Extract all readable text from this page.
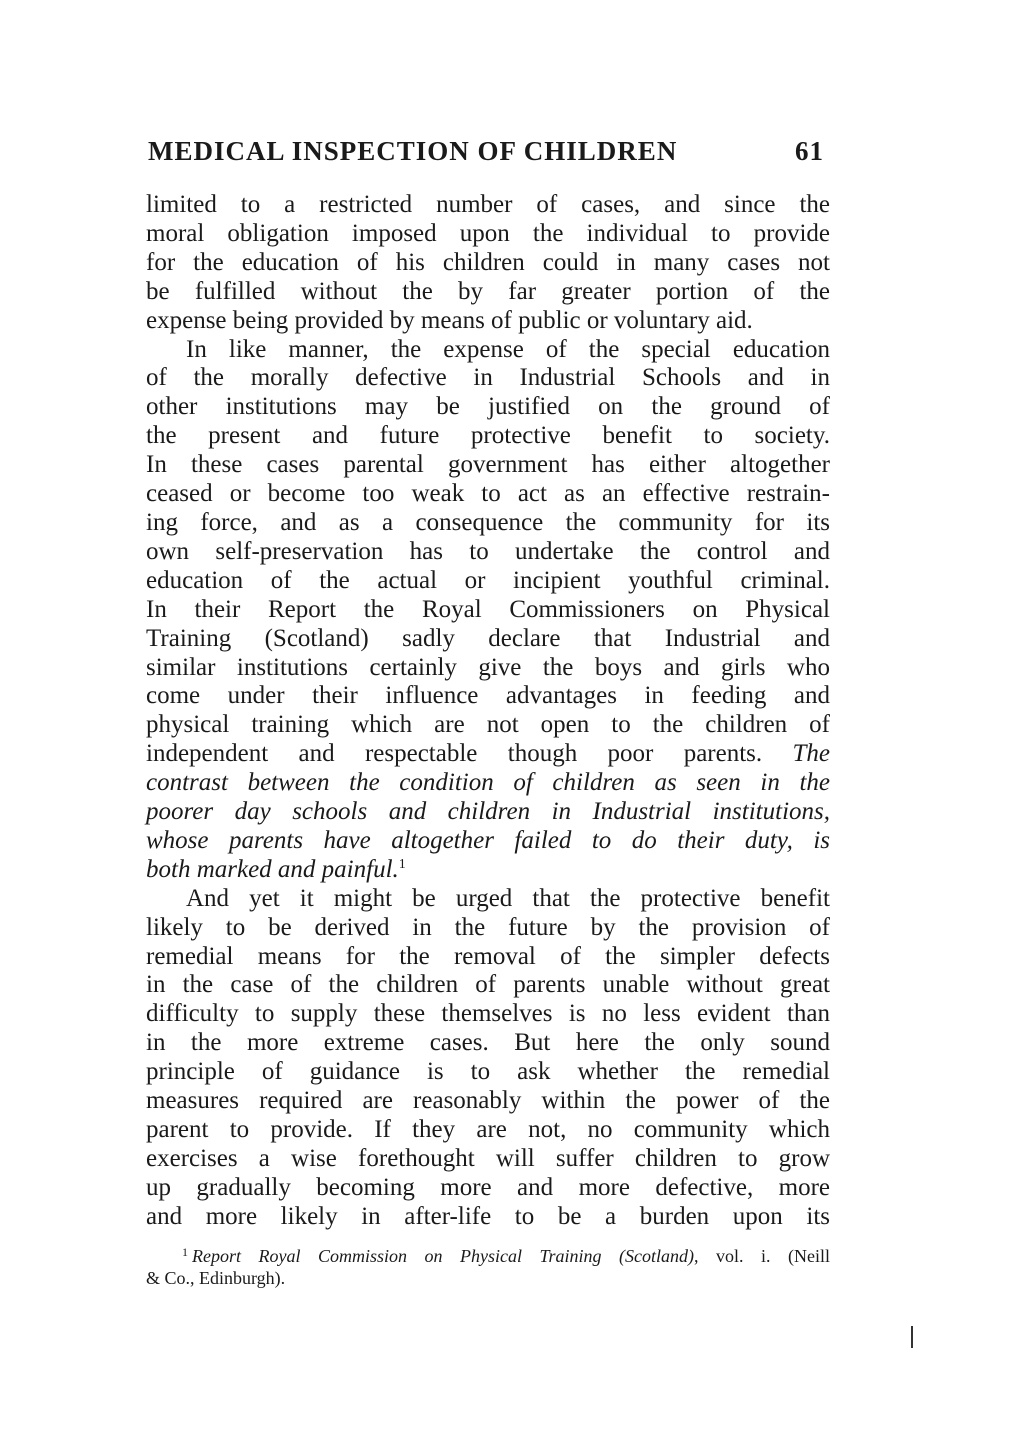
MEDICAL INSPECTION OF CHILDREN	61
limited to a restricted number of cases, and since the
moral obligation imposed upon the individual to provide
for the education of his children could in many cases not
be fulfilled without the by far greater portion of the
expense being provided by means of public or voluntary aid.
In like manner, the expense of the special education
of the morally defective in Industrial Schools and in
other institutions may be justified on the ground of
the present and future protective benefit to society.
In these cases parental government has either altogether
ceased or become too weak to act as an effective restrain-
ing force, and as a consequence the community for its
own self-preservation has to undertake the control and
education of the actual or incipient youthful criminal.
In their Report the Royal Commissioners on Physical
Training (Scotland) sadly declare that Industrial and
similar institutions certainly give the boys and girls who
come under their influence advantages in feeding and
physical training which are not open to the children of
independent and respectable though poor parents. The
contrast between the condition of children as seen in the
poorer day schools and children in Industrial institutions,
whose parents have altogether failed to do their duty, is
both marked and painful.$^1$
And yet it might be urged that the protective benefit
likely to be derived in the future by the provision of
remedial means for the removal of the simpler defects
in the case of the children of parents unable without great
difficulty to supply these themselves is no less evident than
in the more extreme cases. But here the only sound
principle of guidance is to ask whether the remedial
measures required are reasonably within the power of the
parent to provide. If they are not, no community which
exercises a wise forethought will suffer children to grow
up gradually becoming more and more defective, more
and more likely in after-life to be a burden upon its
$^1$ Report Royal Commission on Physical Training (Scotland), vol. i. (Neill
& Co., Edinburgh).
